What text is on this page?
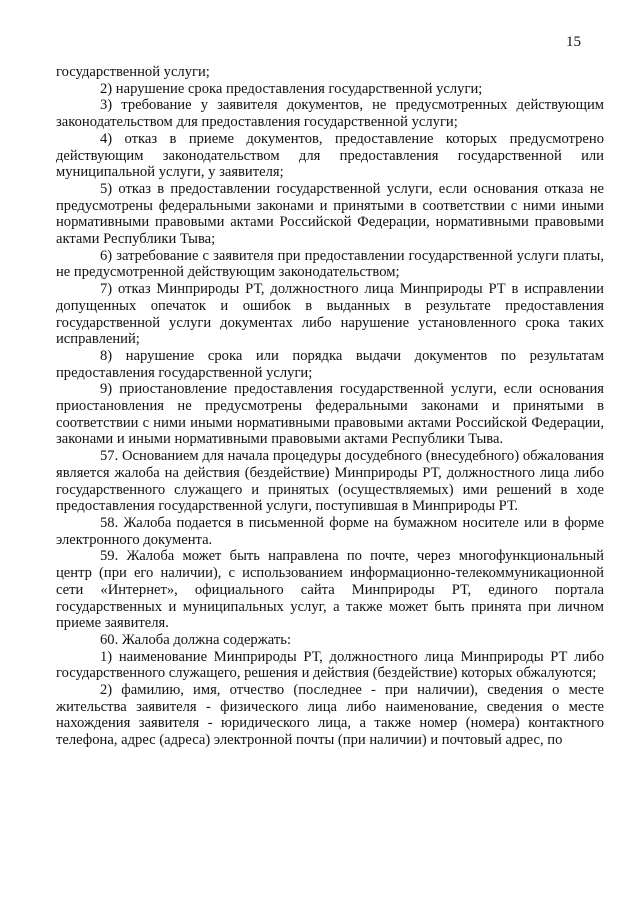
15

государственной услуги;

2) нарушение срока предоставления государственной услуги;

3) требование у заявителя документов, не предусмотренных действующим законодательством для предоставления государственной услуги;

4) отказ в приеме документов, предоставление которых предусмотрено действующим законодательством для предоставления государственной или муниципальной услуги, у заявителя;

5) отказ в предоставлении государственной услуги, если основания отказа не предусмотрены федеральными законами и принятыми в соответствии с ними иными нормативными правовыми актами Российской Федерации, нормативными правовыми актами Республики Тыва;

6) затребование с заявителя при предоставлении государственной услуги платы, не предусмотренной действующим законодательством;

7) отказ Минприроды РТ, должностного лица Минприроды РТ в исправлении допущенных опечаток и ошибок в выданных в результате предоставления государственной услуги документах либо нарушение установленного срока таких исправлений;

8) нарушение срока или порядка выдачи документов по результатам предоставления государственной услуги;

9) приостановление предоставления государственной услуги, если основания приостановления не предусмотрены федеральными законами и принятыми в соответствии с ними иными нормативными правовыми актами Российской Федерации, законами и иными нормативными правовыми актами Республики Тыва.

57. Основанием для начала процедуры досудебного (внесудебного) обжалования является жалоба на действия (бездействие) Минприроды РТ, должностного лица либо государственного служащего и принятых (осуществляемых) ими решений в ходе предоставления государственной услуги, поступившая в Минприроды РТ.

58. Жалоба подается в письменной форме на бумажном носителе или в форме электронного документа.

59. Жалоба может быть направлена по почте, через многофункциональный центр (при его наличии), с использованием информационно-телекоммуникационной сети «Интернет», официального сайта Минприроды РТ, единого портала государственных и муниципальных услуг, а также может быть принята при личном приеме заявителя.

60. Жалоба должна содержать:

1) наименование Минприроды РТ, должностного лица Минприроды РТ либо государственного служащего, решения и действия (бездействие) которых обжалуются;

2) фамилию, имя, отчество (последнее - при наличии), сведения о месте жительства заявителя - физического лица либо наименование, сведения о месте нахождения заявителя - юридического лица, а также номер (номера) контактного телефона, адрес (адреса) электронной почты (при наличии) и почтовый адрес, по
